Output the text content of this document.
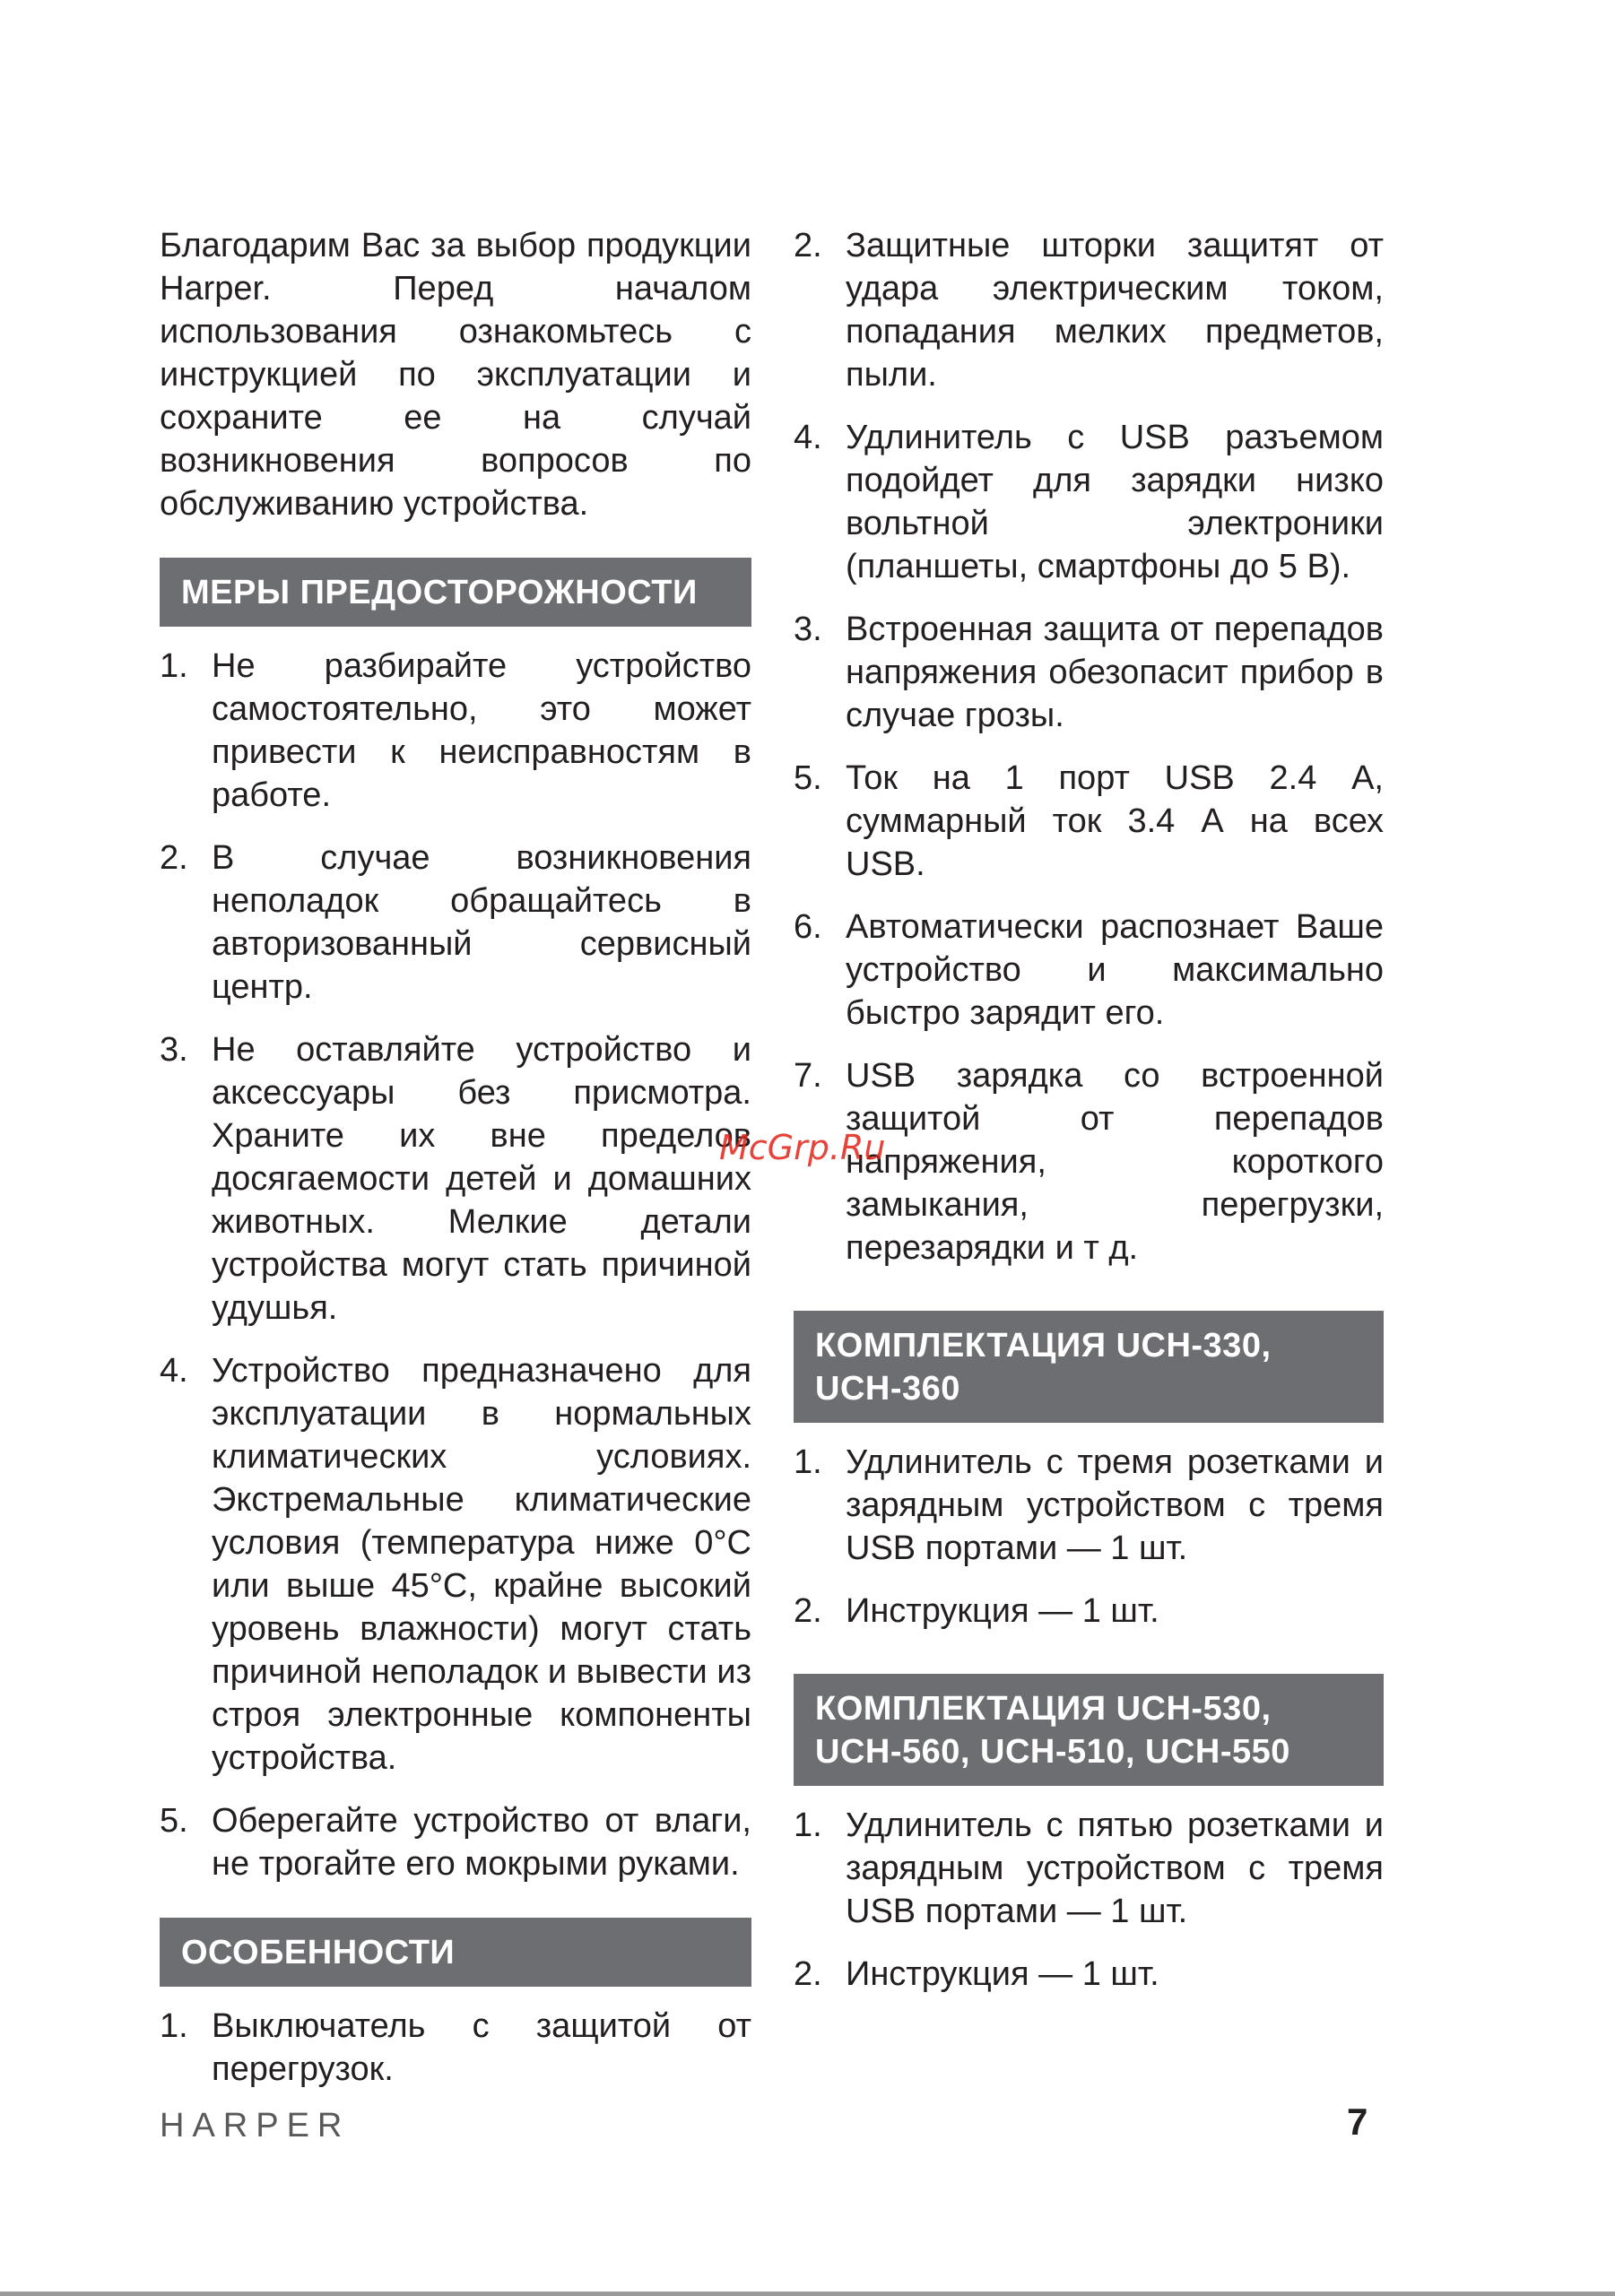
Благодарим Вас за выбор продукции Harper. Перед началом использования ознакомьтесь с инструкцией по эксплуатации и сохраните ее на случай возникновения вопросов по обслуживанию устройства.

МЕРЫ ПРЕДОСТОРОЖНОСТИ
1. Не разбирайте устройство самостоятельно, это может привести к неисправностям в работе.
2. В случае возникновения неполадок обращайтесь в авторизованный сервисный центр.
3. Не оставляйте устройство и аксессуары без присмотра. Храните их вне пределов досягаемости детей и домашних животных. Мелкие детали устройства могут стать причиной удушья.
4. Устройство предназначено для эксплуатации в нормальных климатических условиях. Экстремальные климатические условия (температура ниже 0°С или выше 45°С, крайне высокий уровень влажности) могут стать причиной неполадок и вывести из строя электронные компоненты устройства.
5. Оберегайте устройство от влаги, не трогайте его мокрыми руками.
ОСОБЕННОСТИ
1. Выключатель с защитой от перегрузок.
2. Защитные шторки защитят от удара электрическим током, попадания мелких предметов, пыли.
4. Удлинитель с USB разъемом подойдет для зарядки низко вольтной электроники (планшеты, смартфоны до 5 В).
3. Встроенная защита от перепадов напряжения обезопасит прибор в случае грозы.
5. Ток на 1 порт USB 2.4 А, суммарный ток 3.4 А на всех USB.
6. Автоматически распознает Ваше устройство и максимально быстро зарядит его.
7. USB зарядка со встроенной защитой от перепадов напряжения, короткого замыкания, перегрузки, перезарядки и т д.
КОМПЛЕКТАЦИЯ UCH-330, UCH-360
1. Удлинитель с тремя розетками и зарядным устройством с тремя USB портами — 1 шт.
2. Инструкция — 1 шт.
КОМПЛЕКТАЦИЯ UCH-530, UCH-560, UCH-510, UCH-550
1. Удлинитель с пятью розетками и зарядным устройством с тремя USB портами — 1 шт.
2. Инструкция — 1 шт.
McGrp.Ru
HARPER	7
